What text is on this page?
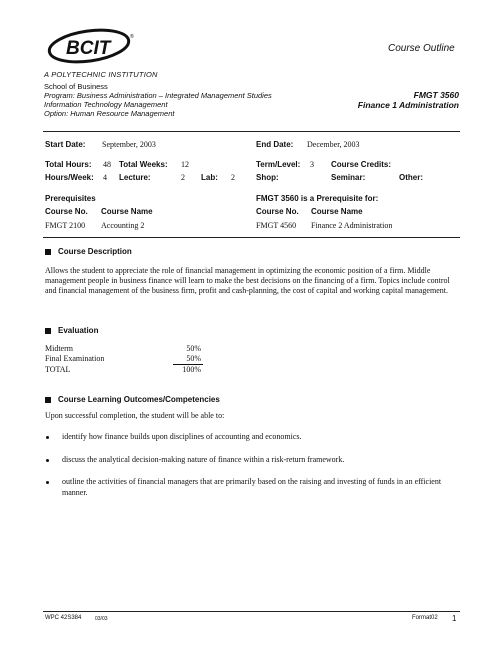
BCIT
®
A POLYTECHNIC INSTITUTION
Course Outline
School of Business
Program: Business Administration – Integrated Management Studies
Information Technology Management
Option: Human Resource Management
FMGT 3560
Finance 1 Administration
Start Date: September, 2003	End Date: December, 2003
Total Hours: 48 Total Weeks: 12	Term/Level: 3 Course Credits:
Hours/Week: 4 Lecture:	2 Lab: 2	Shop:	Seminar:	Other:
Prerequisites
Course No. Course Name
FMGT 2100 Accounting 2
FMGT 3560 is a Prerequisite for:
Course No. Course Name
FMGT 4560 Finance 2 Administration
Course Description
Allows the student to appreciate the role of financial management in optimizing the economic position of a firm. Middle management people in business finance will learn to make the best decisions on the financing of a firm. Topics include control and financial management of the business firm, profit and cash-planning, the cost of capital and working capital management.
Evaluation
Midterm	50%
Final Examination	50%
TOTAL	100%
Course Learning Outcomes/Competencies
Upon successful completion, the student will be able to:
identify how finance builds upon disciplines of accounting and economics.
discuss the analytical decision-making nature of finance within a risk-return framework.
outline the activities of financial managers that are primarily based on the raising and investing of funds in an efficient manner.
WPC 42S384	03/03	Format02 1
